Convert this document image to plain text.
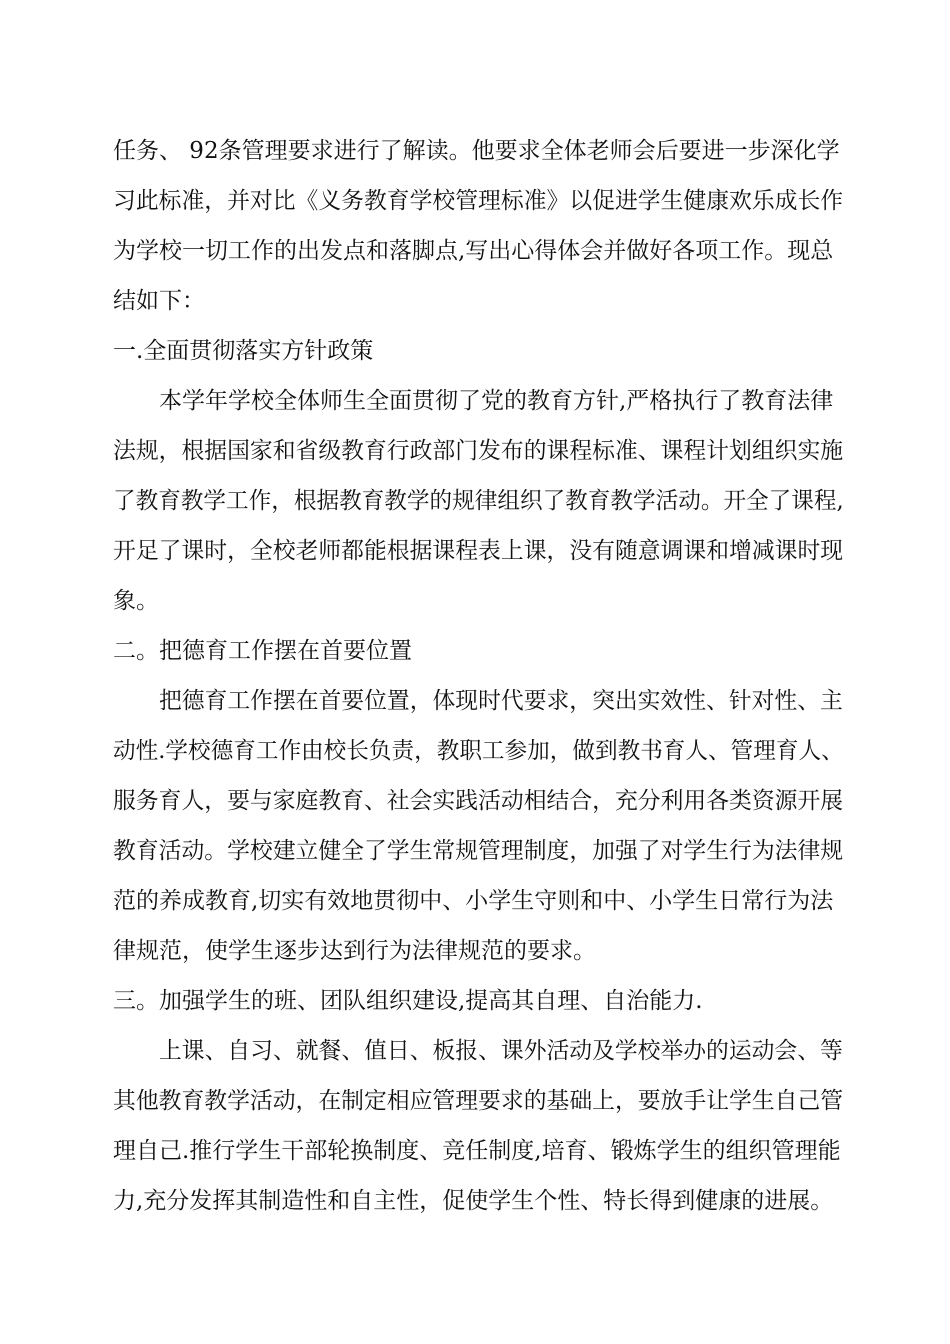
任务、 92条管理要求进行了解读。他要求全体老师会后要进一步深化学
习此标准，并对比《义务教育学校管理标准》以促进学生健康欢乐成长作
为学校一切工作的出发点和落脚点,写出心得体会并做好各项工作。现总
结如下：
一.全面贯彻落实方针政策
本学年学校全体师生全面贯彻了党的教育方针,严格执行了教育法律
法规，根据国家和省级教育行政部门发布的课程标准、课程计划组织实施
了教育教学工作，根据教育教学的规律组织了教育教学活动。开全了课程,
开足了课时，全校老师都能根据课程表上课，没有随意调课和增减课时现
象。
二。把德育工作摆在首要位置
把德育工作摆在首要位置，体现时代要求，突出实效性、针对性、主
动性.学校德育工作由校长负责，教职工参加，做到教书育人、管理育人、
服务育人，要与家庭教育、社会实践活动相结合，充分利用各类资源开展
教育活动。学校建立健全了学生常规管理制度，加强了对学生行为法律规
范的养成教育,切实有效地贯彻中、小学生守则和中、小学生日常行为法
律规范，使学生逐步达到行为法律规范的要求。
三。加强学生的班、团队组织建设,提高其自理、自治能力.
上课、自习、就餐、值日、板报、课外活动及学校举办的运动会、等
其他教育教学活动，在制定相应管理要求的基础上，要放手让学生自己管
理自己.推行学生干部轮换制度、竞任制度,培育、锻炼学生的组织管理能
力,充分发挥其制造性和自主性，促使学生个性、特长得到健康的进展。
